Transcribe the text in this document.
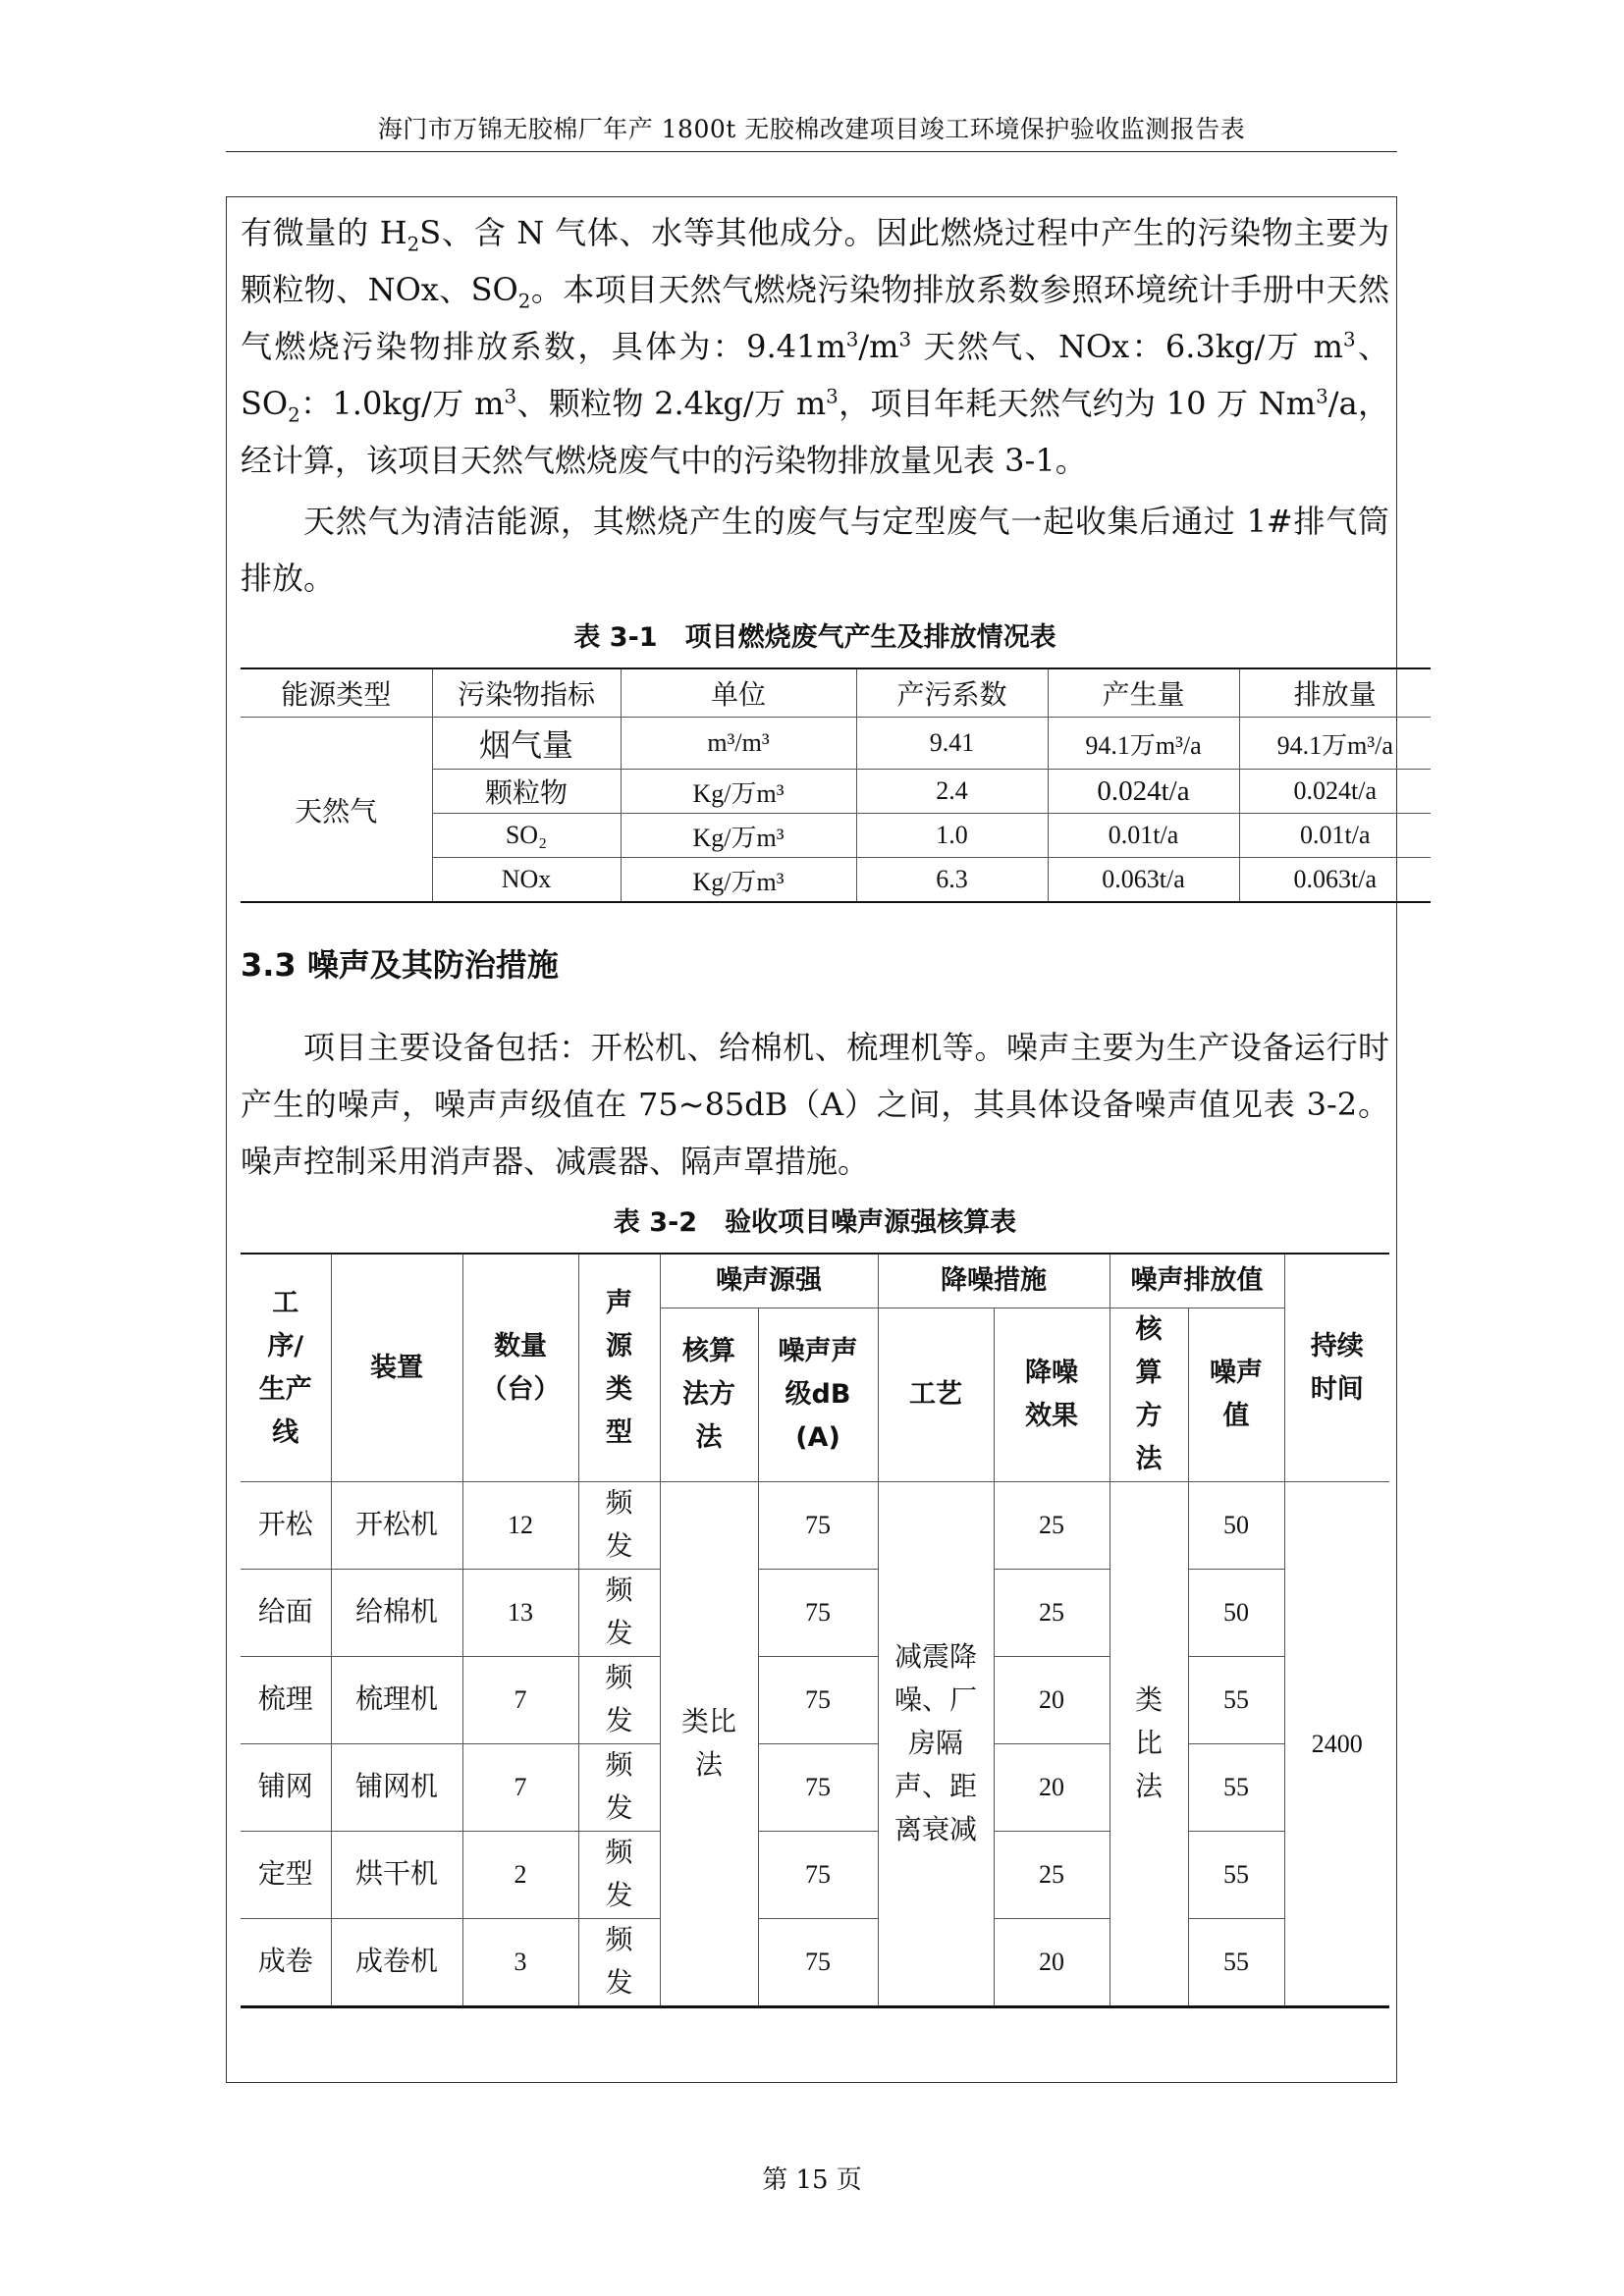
海门市万锦无胶棉厂年产 1800t 无胶棉改建项目竣工环境保护验收监测报告表

有微量的 $H_2S$、含 N 气体、水等其他成分。因此燃烧过程中产生的污染物主要为颗粒物、NOx、$SO_2$。本项目天然气燃烧污染物排放系数参照环境统计手册中天然气燃烧污染物排放系数，具体为：$9.41m^3/m^3$ 天然气、NOx：6.3kg/万 $m^3$、$SO_2$：1.0kg/万 $m^3$、颗粒物 2.4kg/万 $m^3$，项目年耗天然气约为 10 万 Nm$^3$/a，经计算，该项目天然气燃烧废气中的污染物排放量见表 3-1。

天然气为清洁能源，其燃烧产生的废气与定型废气一起收集后通过 1#排气筒排放。

表 3-1 项目燃烧废气产生及排放情况表

能源类型	污染物指标	单位	产污系数	产生量	排放量
天然气	烟气量	m³/m³	9.41	94.1万m³/a	94.1万m³/a
	颗粒物	Kg/万m³	2.4	0.024t/a	0.024t/a
	SO₂	Kg/万m³	1.0	0.01t/a	0.01t/a
	NOx	Kg/万m³	6.3	0.063t/a	0.063t/a
3.3 噪声及其防治措施

项目主要设备包括：开松机、给棉机、梳理机等。噪声主要为生产设备运行时产生的噪声，噪声声级值在 75~85dB（A）之间，其具体设备噪声值见表 3-2。噪声控制采用消声器、减震器、隔声罩措施。

表 3-2 验收项目噪声源强核算表

工序/生产线	装置	数量（台）	声源类型	噪声源强		降噪措施		噪声排放值		持续时间
				核算法方法	噪声声级dB(A)	工艺	降噪效果	核算方法	噪声值	
开松	开松机	12	频发	类比法	75	减震降噪、厂房隔声、距离衰减	25	类比法	50	2400
给面	给棉机	13	频发		75		25		50	
梳理	梳理机	7	频发		75		20		55	
铺网	铺网机	7	频发		75		20		55	
定型	烘干机	2	频发		75		25		55	
成卷	成卷机	3	频发		75		20		55	
第 15 页
